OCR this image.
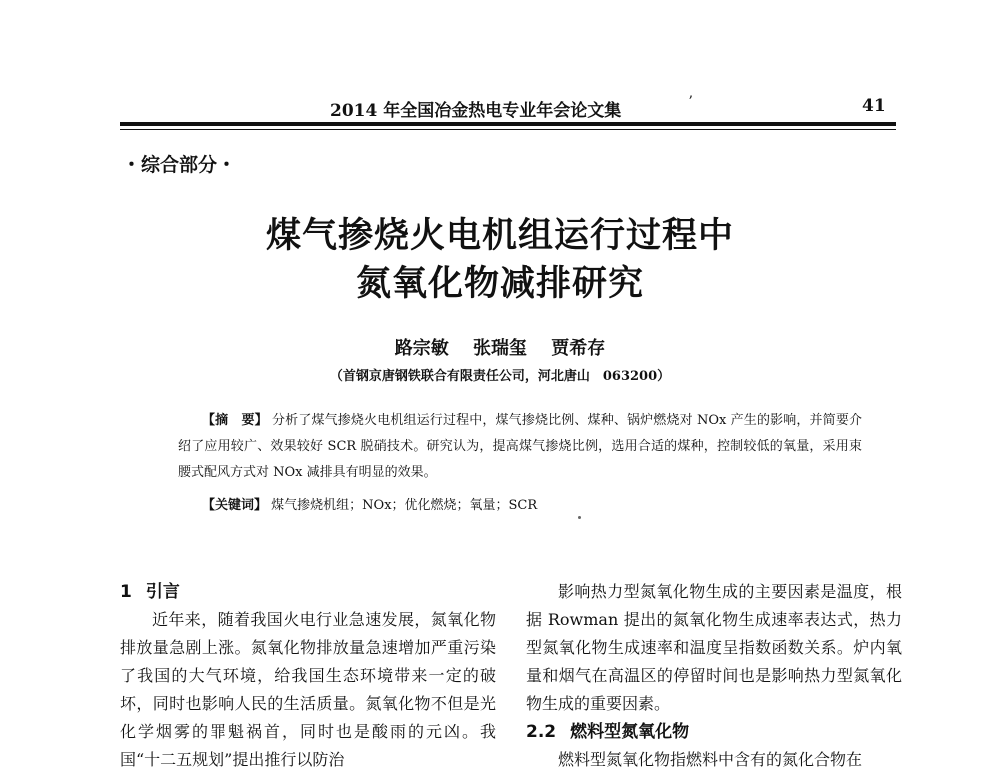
2014 年全国冶金热电专业年会论文集	ʼ	41
・综合部分・
煤气掺烧火电机组运行过程中
氮氧化物减排研究
路宗敏 张瑞玺 贾希存
（首钢京唐钢铁联合有限责任公司，河北唐山　063200）

【摘　要】 分析了煤气掺烧火电机组运行过程中，煤气掺烧比例、煤种、锅炉燃烧对 NOx 产生的影响，并简要介绍了应用较广、效果较好 SCR 脱硝技术。研究认为，提高煤气掺烧比例，选用合适的煤种，控制较低的氧量，采用束腰式配风方式对 NOx 减排具有明显的效果。

【关键词】 煤气掺烧机组；NOx；优化燃烧；氧量；SCR

1 引言

近年来，随着我国火电行业急速发展，氮氧化物排放量急剧上涨。氮氧化物排放量急速增加严重污染了我国的大气环境，给我国生态环境带来一定的破坏，同时也影响人民的生活质量。氮氧化物不但是光化学烟雾的罪魁祸首，同时也是酸雨的元凶。我国“十二五规划”提出推行以防治

影响热力型氮氧化物生成的主要因素是温度，根据 Rowman 提出的氮氧化物生成速率表达式，热力型氮氧化物生成速率和温度呈指数函数关系。炉内氧量和烟气在高温区的停留时间也是影响热力型氮氧化物生成的重要因素。

2.2 燃料型氮氧化物

燃料型氮氧化物指燃料中含有的氮化合物在
